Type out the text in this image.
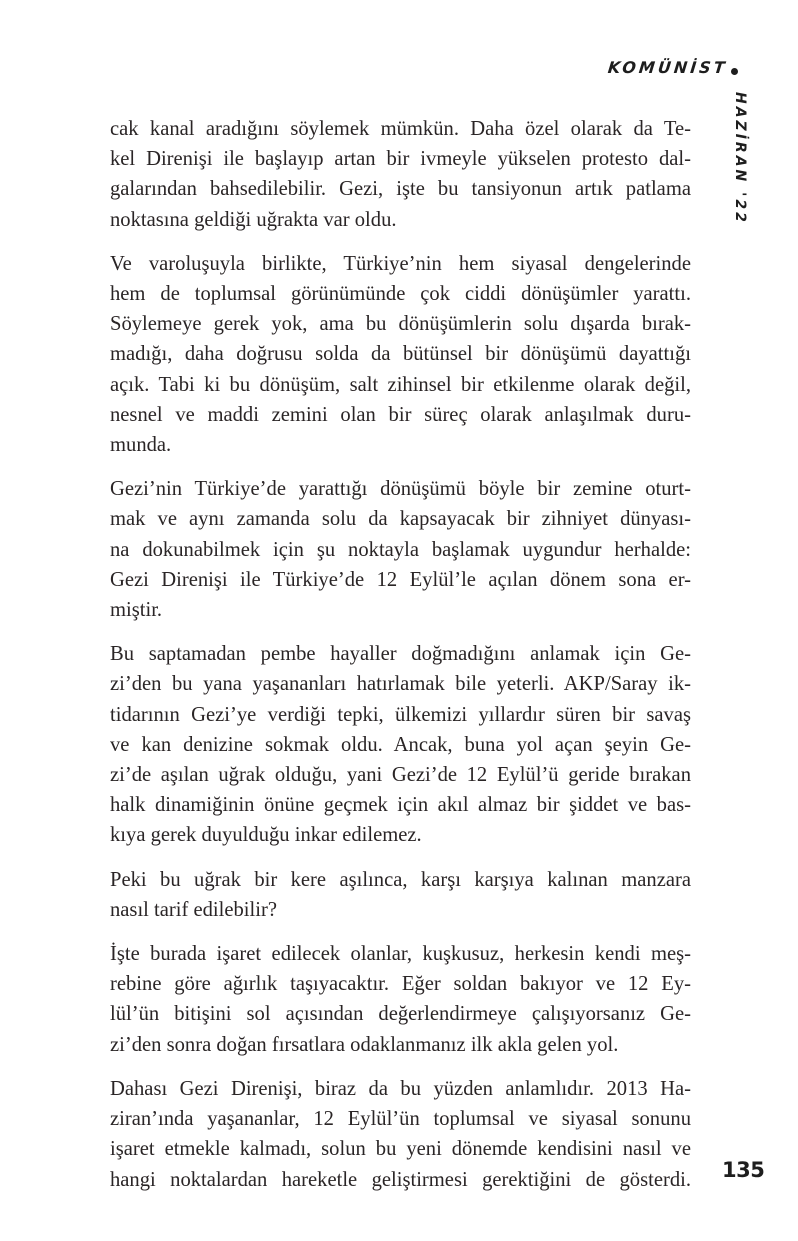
KOMÜNİST
HAZİRAN '22

cak kanal aradığını söylemek mümkün. Daha özel olarak da Te-
kel Direnişi ile başlayıp artan bir ivmeyle yükselen protesto dal-
galarından bahsedilebilir. Gezi, işte bu tansiyonun artık patlama
noktasına geldiği uğrakta var oldu.

Ve varoluşuyla birlikte, Türkiye’nin hem siyasal dengelerinde
hem de toplumsal görünümünde çok ciddi dönüşümler yarattı.
Söylemeye gerek yok, ama bu dönüşümlerin solu dışarda bırak-
madığı, daha doğrusu solda da bütünsel bir dönüşümü dayattığı
açık. Tabi ki bu dönüşüm, salt zihinsel bir etkilenme olarak değil,
nesnel ve maddi zemini olan bir süreç olarak anlaşılmak duru-
munda.

Gezi’nin Türkiye’de yarattığı dönüşümü böyle bir zemine oturt-
mak ve aynı zamanda solu da kapsayacak bir zihniyet dünyası-
na dokunabilmek için şu noktayla başlamak uygundur herhalde:
Gezi Direnişi ile Türkiye’de 12 Eylül’le açılan dönem sona er-
miştir.

Bu saptamadan pembe hayaller doğmadığını anlamak için Ge-
zi’den bu yana yaşananları hatırlamak bile yeterli. AKP/Saray ik-
tidarının Gezi’ye verdiği tepki, ülkemizi yıllardır süren bir savaş
ve kan denizine sokmak oldu. Ancak, buna yol açan şeyin Ge-
zi’de aşılan uğrak olduğu, yani Gezi’de 12 Eylül’ü geride bırakan
halk dinamiğinin önüne geçmek için akıl almaz bir şiddet ve bas-
kıya gerek duyulduğu inkar edilemez.

Peki bu uğrak bir kere aşılınca, karşı karşıya kalınan manzara
nasıl tarif edilebilir?

İşte burada işaret edilecek olanlar, kuşkusuz, herkesin kendi meş-
rebine göre ağırlık taşıyacaktır. Eğer soldan bakıyor ve 12 Ey-
lül’ün bitişini sol açısından değerlendirmeye çalışıyorsanız Ge-
zi’den sonra doğan fırsatlara odaklanmanız ilk akla gelen yol.

Dahası Gezi Direnişi, biraz da bu yüzden anlamlıdır. 2013 Ha-
ziran’ında yaşananlar, 12 Eylül’ün toplumsal ve siyasal sonunu
işaret etmekle kalmadı, solun bu yeni dönemde kendisini nasıl ve
hangi noktalardan hareketle geliştirmesi gerektiğini de gösterdi. 135
